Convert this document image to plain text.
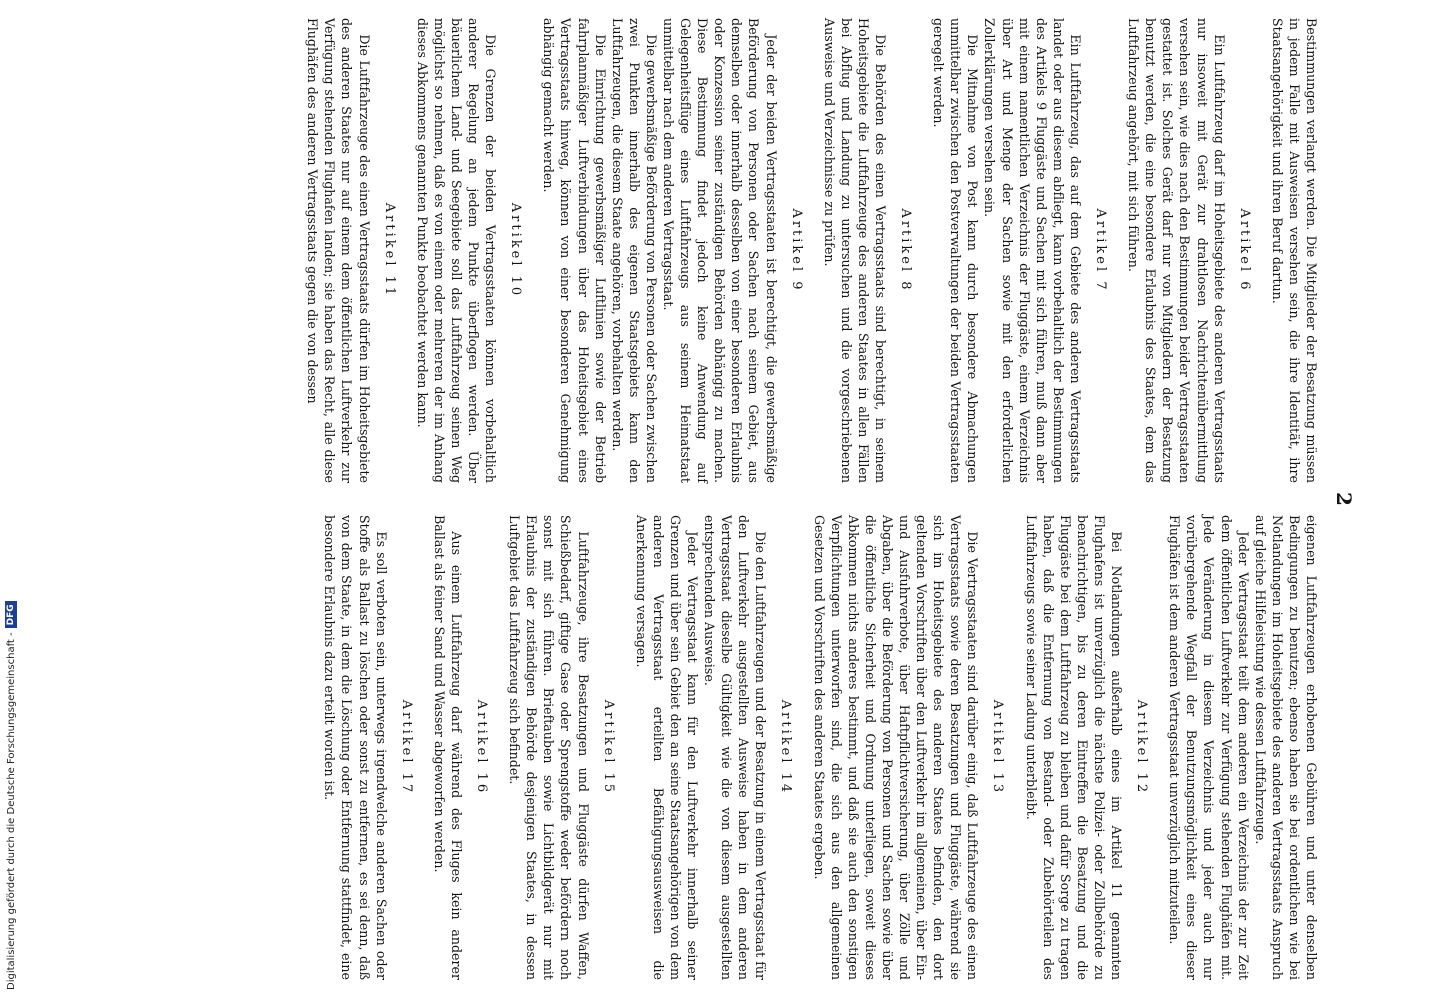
2

Bestimmungen verlangt werden. Die Mitglieder der Besatzung müssen in jedem Falle mit Ausweisen versehen sein, die ihre Identität, ihre Staatsangehörigkeit und ihren Beruf dartun.

Artikel 6

Ein Luftfahrzeug darf im Hoheitsgebiete des anderen Vertragsstaats nur insoweit mit Gerät zur drahtlosen Nachrichtenübermittlung versehen sein, wie dies nach den Bestimmungen beider Vertragsstaaten gestattet ist. Solches Gerät darf nur von Mitgliedern der Besatzung benutzt werden, die eine besondere Erlaubnis des Staates, dem das Luftfahrzeug angehört, mit sich führen.

Artikel 7

Ein Luftfahrzeug, das auf dem Gebiete des anderen Vertragsstaats landet oder aus diesem abfliegt, kann vorbehaltlich der Bestimmungen des Artikels 9 Fluggäste und Sachen mit sich führen, muß dann aber mit einem namentlichen Verzeichnis der Fluggäste, einem Verzeichnis über Art und Menge der Sachen sowie mit den erforderlichen Zollerklärungen versehen sein.

Die Mitnahme von Post kann durch besondere Abmachungen unmittelbar zwischen den Postverwaltungen der beiden Vertragsstaaten geregelt werden.

Artikel 8

Die Behörden des einen Vertragsstaats sind berechtigt, in seinem Hoheitsgebiete die Luftfahrzeuge des anderen Staates in allen Fällen bei Abflug und Landung zu untersuchen und die vorgeschriebenen Ausweise und Verzeichnisse zu prüfen.

Artikel 9

Jeder der beiden Vertragsstaaten ist berechtigt, die gewerbsmäßige Beförderung von Personen oder Sachen nach seinem Gebiet, aus demselben oder innerhalb desselben von einer besonderen Erlaubnis oder Konzession seiner zuständigen Behörden abhängig zu machen. Diese Bestimmung findet jedoch keine Anwendung auf Gelegenheitsflüge eines Luftfahrzeugs aus seinem Heimatstaat unmittelbar nach dem anderen Vertragsstaat.

Die gewerbsmäßige Beförderung von Personen oder Sachen zwischen zwei Punkten innerhalb des eigenen Staatsgebiets kann den Luftfahrzeugen, die diesem Staate angehören, vorbehalten werden.

Die Einrichtung gewerbsmäßiger Luftlinien sowie der Betrieb fahrplanmäßiger Luftverbindungen über das Hoheitsgebiet eines Vertragsstaats hinweg, können von einer besonderen Genehmigung abhängig gemacht werden.

Artikel 10

Die Grenzen der beiden Vertragsstaaten können vorbehaltlich anderer Regelung an jedem Punkte überflogen werden. Über bäuerlichem Land- und Seegebiete soll das Luftfahrzeug seinen Weg möglichst so nehmen, daß es von einem oder mehreren der im Anhang dieses Abkommens genannten Punkte beobachtet werden kann.

Artikel 11

Die Luftfahrzeuge des einen Vertragsstaats dürfen im Hoheitsgebiete des anderen Staates nur auf einem dem öffentlichen Luftverkehr zur Verfügung stehenden Flughafen landen; sie haben das Recht, alle diese Flughäfen des anderen Vertragsstaats gegen die von dessen

eigenen Luftfahrzeugen erhobenen Gebühren und unter denselben Bedingungen zu benutzen; ebenso haben sie bei ordentlichen wie bei Notlandungen im Hoheitsgebiete des anderen Vertragsstaats Anspruch auf gleiche Hilfeleistung wie dessen Luftfahrzeuge.

Jeder Vertragsstaat teilt dem anderen ein Verzeichnis der zur Zeit dem öffentlichen Luftverkehr zur Verfügung stehenden Flughäfen mit. Jede Veränderung in diesem Verzeichnis und jeder auch nur vorübergehende Wegfall der Benutzungsmöglichkeit eines dieser Flughäfen ist dem anderen Vertragsstaat unverzüglich mitzuteilen.

Artikel 12

Bei Notlandungen außerhalb eines im Artikel 11 genannten Flughafens ist unverzüglich die nächste Polizei- oder Zollbehörde zu benachrichtigen, bis zu deren Eintreffen die Besatzung und die Fluggäste bei dem Luftfahrzeug zu bleiben und dafür Sorge zu tragen haben, daß die Entfernung von Bestand- oder Zubehörteilen des Luftfahrzeugs sowie seiner Ladung unterbleibt.

Artikel 13

Die Vertragsstaaten sind darüber einig, daß Luftfahrzeuge des einen Vertragsstaats sowie deren Besatzungen und Fluggäste, während sie sich im Hoheitsgebiete des anderen Staates befinden, den dort geltenden Vorschriften über den Luftverkehr im allgemeinen, über Ein- und Ausfuhrverbote, über Haftpflichtversicherung, über Zölle und Abgaben, über die Beförderung von Personen und Sachen sowie über die öffentliche Sicherheit und Ordnung unterliegen, soweit dieses Abkommen nichts anderes bestimmt, und daß sie auch den sonstigen Verpflichtungen unterworfen sind, die sich aus den allgemeinen Gesetzen und Vorschriften des anderen Staates ergeben.

Artikel 14

Die den Luftfahrzeugen und der Besatzung in einem Vertragsstaat für den Luftverkehr ausgestellten Ausweise haben in dem anderen Vertragsstaat dieselbe Gültigkeit wie die von diesem ausgestellten entsprechenden Ausweise.

Jeder Vertragsstaat kann für den Luftverkehr innerhalb seiner Grenzen und über sein Gebiet den an seine Staatsangehörigen von dem anderen Vertragsstaat erteilten Befähigungsausweisen die Anerkennung versagen.

Artikel 15

Luftfahrzeuge, ihre Besatzungen und Fluggäste dürfen Waffen, Schießbedarf, giftige Gase oder Sprengstoffe weder befördern noch sonst mit sich führen. Brieftauben sowie Lichtbildgerät nur mit Erlaubnis der zuständigen Behörde desjenigen Staates, in dessen Luftgebiet das Luftfahrzeug sich befindet.

Artikel 16

Aus einem Luftfahrzeug darf während des Fluges kein anderer Ballast als feiner Sand und Wasser abgeworfen werden.

Artikel 17

Es soll verboten sein, unterwegs irgendwelche anderen Sachen oder Stoffe als Ballast zu löschen oder sonst zu entfernen, es sei denn, daß von dem Staate, in dem die Löschung oder Entfernung stattfindet, eine besondere Erlaubnis dazu erteilt worden ist.

Digitalisierung gefördert durch die Deutsche Forschungsgemeinschaft -
DFG
